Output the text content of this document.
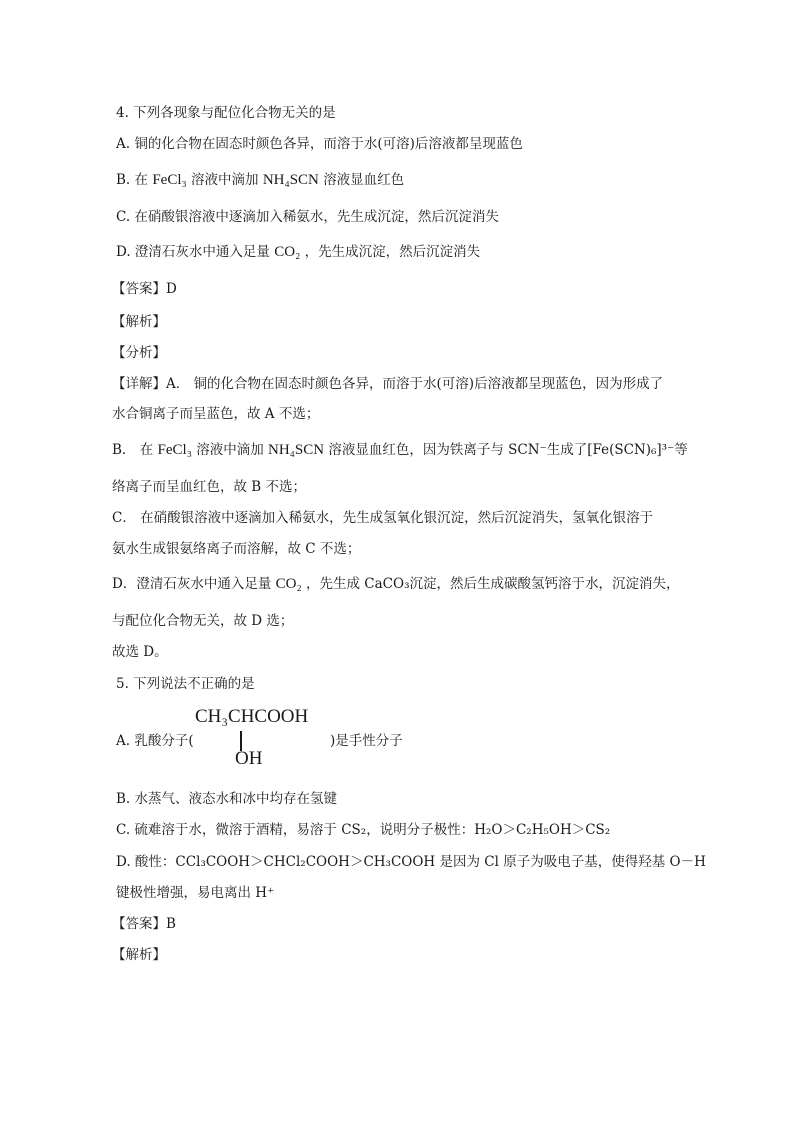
4. 下列各现象与配位化合物无关的是
A. 铜的化合物在固态时颜色各异，而溶于水(可溶)后溶液都呈现蓝色
B. 在 FeCl₃ 溶液中滴加 NH₄SCN 溶液显血红色
C. 在硝酸银溶液中逐滴加入稀氨水，先生成沉淀，然后沉淀消失
D. 澄清石灰水中通入足量 CO₂ ，先生成沉淀，然后沉淀消失
【答案】D
【解析】
【分析】
【详解】A． 铜的化合物在固态时颜色各异，而溶于水(可溶)后溶液都呈现蓝色，因为形成了
水合铜离子而呈蓝色，故 A 不选；
B． 在 FeCl₃ 溶液中滴加 NH₄SCN 溶液显血红色，因为铁离子与 SCN⁻生成了[Fe(SCN)₆]³⁻等
络离子而呈血红色，故 B 不选；
C． 在硝酸银溶液中逐滴加入稀氨水，先生成氢氧化银沉淀，然后沉淀消失，氢氧化银溶于
氨水生成银氨络离子而溶解，故 C 不选；
D．澄清石灰水中通入足量 CO₂ ，先生成 CaCO₃沉淀，然后生成碳酸氢钙溶于水，沉淀消失，
与配位化合物无关，故 D 选；
故选 D。
5. 下列说法不正确的是
A. 乳酸分子(
CH₃CHCOOH
OH
)是手性分子
B. 水蒸气、液态水和冰中均存在氢键
C. 硫难溶于水，微溶于酒精，易溶于 CS₂，说明分子极性：H₂O＞C₂H₅OH＞CS₂
D. 酸性：CCl₃COOH＞CHCl₂COOH＞CH₃COOH 是因为 Cl 原子为吸电子基，使得羟基 O－H
键极性增强，易电离出 H⁺
【答案】B
【解析】
